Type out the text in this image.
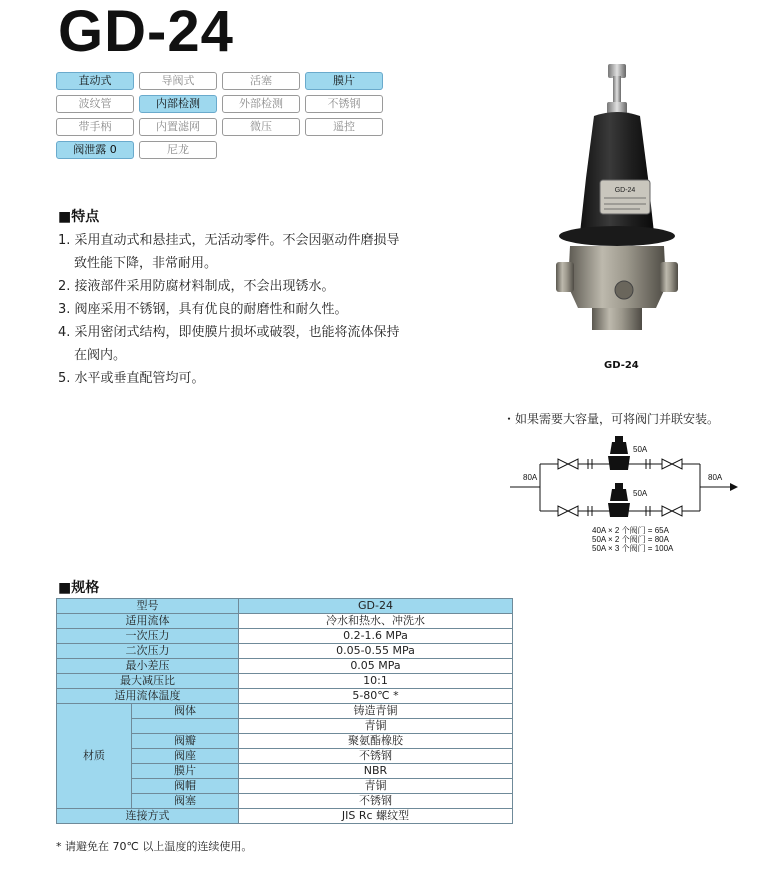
GD-24
直动式	导阀式	活塞	膜片
波纹管	内部检测	外部检测	不锈钢
带手柄	内置滤网	微压	遥控
阀泄露 0	尼龙
■特点
1. 采用直动式和悬挂式，无活动零件。不会因驱动件磨损导
致性能下降，非常耐用。
2. 接液部件采用防腐材料制成，不会出现锈水。
3. 阀座采用不锈钢，具有优良的耐磨性和耐久性。
4. 采用密闭式结构，即使膜片损坏或破裂，也能将流体保持
在阀内。
5. 水平或垂直配管均可。
GD-24
GD-24
・如果需要大容量，可将阀门并联安装。
80A	80A
50A
50A
40A × 2 个阀门 = 65A
50A × 2 个阀门 = 80A
50A × 3 个阀门 = 100A
■规格
型号		GD-24
适用流体		冷水和热水、冲洗水
一次压力		0.2-1.6 MPa
二次压力		0.05-0.55 MPa
最小差压		0.05 MPa
最大减压比		10:1
适用流体温度		5-80℃ *
材质	阀体	铸造青铜
		青铜
	阀瓣	聚氨酯橡胶
	阀座	不锈钢
	膜片	NBR
	阀帽	青铜
	阀塞	不锈钢
连接方式		JIS Rc 螺纹型
* 请避免在 70℃ 以上温度的连续使用。
